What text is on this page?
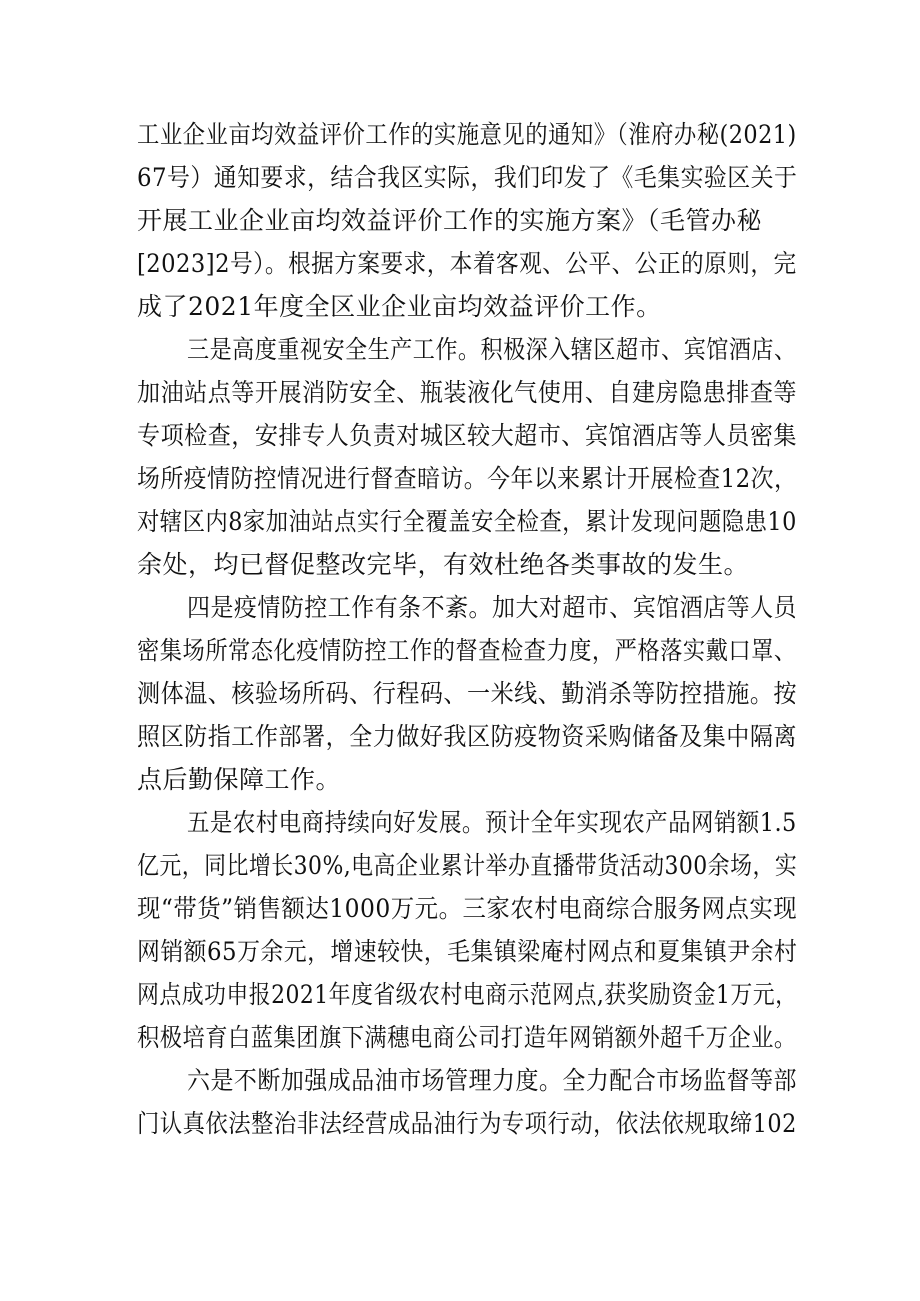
工业企业亩均效益评价工作的实施意见的通知》（淮府办秘(2021)
67号）通知要求，结合我区实际，我们印发了《毛集实验区关于
开展工业企业亩均效益评价工作的实施方案》（毛管办秘
[2023]2号）。根据方案要求，本着客观、公平、公正的原则，完
成了2021年度全区业企业亩均效益评价工作。
三是高度重视安全生产工作。积极深入辖区超市、宾馆酒店、
加油站点等开展消防安全、瓶装液化气使用、自建房隐患排查等
专项检查，安排专人负责对城区较大超市、宾馆酒店等人员密集
场所疫情防控情况进行督查暗访。今年以来累计开展检查12次，
对辖区内8家加油站点实行全覆盖安全检查，累计发现问题隐患10
余处，均已督促整改完毕，有效杜绝各类事故的发生。
四是疫情防控工作有条不紊。加大对超市、宾馆酒店等人员
密集场所常态化疫情防控工作的督查检查力度，严格落实戴口罩、
测体温、核验场所码、行程码、一米线、勤消杀等防控措施。按
照区防指工作部署，全力做好我区防疫物资采购储备及集中隔离
点后勤保障工作。
五是农村电商持续向好发展。预计全年实现农产品网销额1.5
亿元，同比增长30%,电高企业累计举办直播带货活动300余场，实
现“带货”销售额达1000万元。三家农村电商综合服务网点实现
网销额65万余元，增速较快，毛集镇梁庵村网点和夏集镇尹余村
网点成功申报2021年度省级农村电商示范网点,获奖励资金1万元，
积极培育白蓝集团旗下满穗电商公司打造年网销额外超千万企业。
六是不断加强成品油市场管理力度。全力配合市场监督等部
门认真依法整治非法经营成品油行为专项行动，依法依规取缔102
